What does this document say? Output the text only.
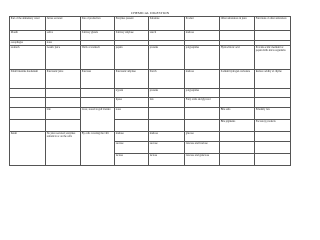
CHEMICAL DIGESTION
Part of the alimentary canal	Juices secreted	Site of production	Enzymes present	Substrate	Product	Other substances in juice	Functions of other substances
Mouth	saliva	Salivary glands	Salivary amylase	starch	maltose		
oesophagus	none						
stomach	Gastric juice	Walls of stomach	pepsin	proteins	polypeptides	Hydrochloric acid	Provide acidic medium for pepsin Kills microorganisms
Small intestine duodenum	Pancreatic juice	Pancreas	Pancreatic amylase	Starch	maltose	Sodium hydrogen carbonate	Reduce acidity of chyme
			trypsin	proteins	polypeptides		
			lipase	fats	Fatty acids and glycerol		
	bile	Liver, stored in gall bladder	none			Bile salts	Emulsify fats
						Bile pigments	Excretory products
Ileum	No juice secreted; enzymes remain in or on the cells	By cells covering the villi	maltase	maltose	glucose		
			sucrase	sucrose	Glucose and fructose		
			lactase	lactose	Glucose and galactose		
